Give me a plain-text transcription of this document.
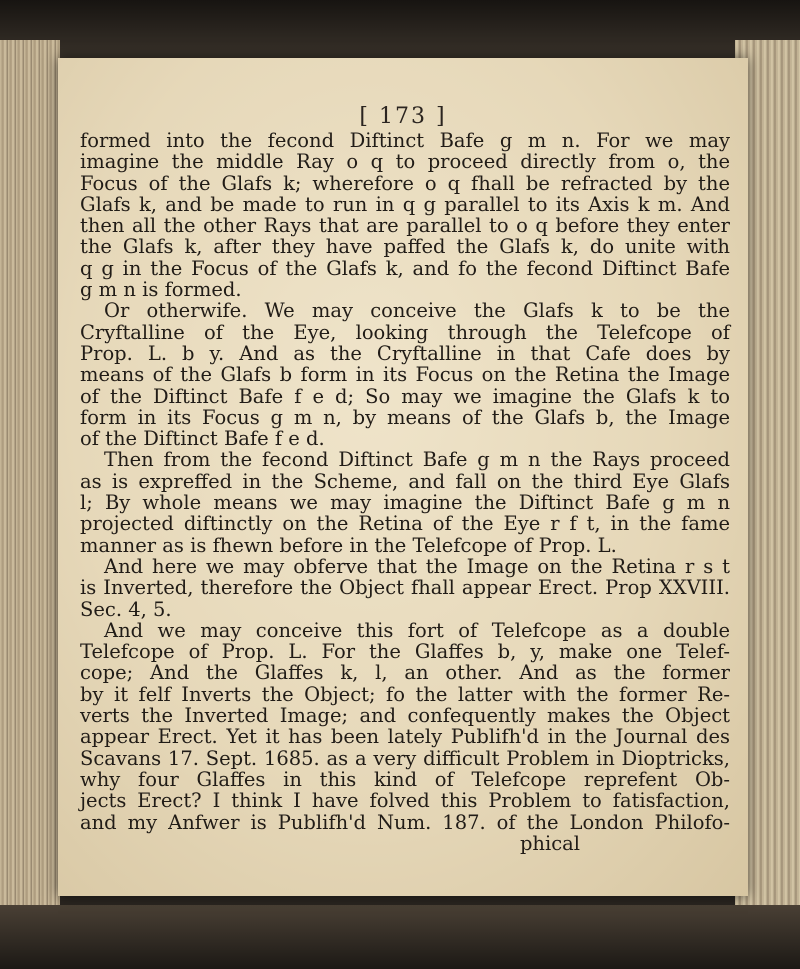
[ 173 ]
formed into the fecond Diftinct Bafe g m n. For we may
imagine the middle Ray o q to proceed directly from o, the
Focus of the Glafs k; wherefore o q fhall be refracted by the
Glafs k, and be made to run in q g parallel to its Axis k m. And
then all the other Rays that are parallel to o q before they enter
the Glafs k, after they have paffed the Glafs k, do unite with
q g in the Focus of the Glafs k, and fo the fecond Diftinct Bafe
g m n is formed.
Or otherwife. We may conceive the Glafs k to be the
Cryftalline of the Eye, looking through the Telefcope of
Prop. L. b y. And as the Cryftalline in that Cafe does by
means of the Glafs b form in its Focus on the Retina the Image
of the Diftinct Bafe f e d; So may we imagine the Glafs k to
form in its Focus g m n, by means of the Glafs b, the Image
of the Diftinct Bafe f e d.
Then from the fecond Diftinct Bafe g m n the Rays proceed
as is expreffed in the Scheme, and fall on the third Eye Glafs
l; By whole means we may imagine the Diftinct Bafe g m n
projected diftinctly on the Retina of the Eye r f t, in the fame
manner as is fhewn before in the Telefcope of Prop. L.
And here we may obferve that the Image on the Retina r s t
is Inverted, therefore the Object fhall appear Erect. Prop XXVIII.
Sec. 4, 5.
And we may conceive this fort of Telefcope as a double
Telefcope of Prop. L. For the Glaffes b, y, make one Telef-
cope; And the Glaffes k, l, an other. And as the former
by it felf Inverts the Object; fo the latter with the former Re-
verts the Inverted Image; and confequently makes the Object
appear Erect. Yet it has been lately Publifh'd in the Journal des
Scavans 17. Sept. 1685. as a very difficult Problem in Dioptricks,
why four Glaffes in this kind of Telefcope reprefent Ob-
jects Erect? I think I have folved this Problem to fatisfaction,
and my Anfwer is Publifh'd Num. 187. of the London Philofo-
phical
